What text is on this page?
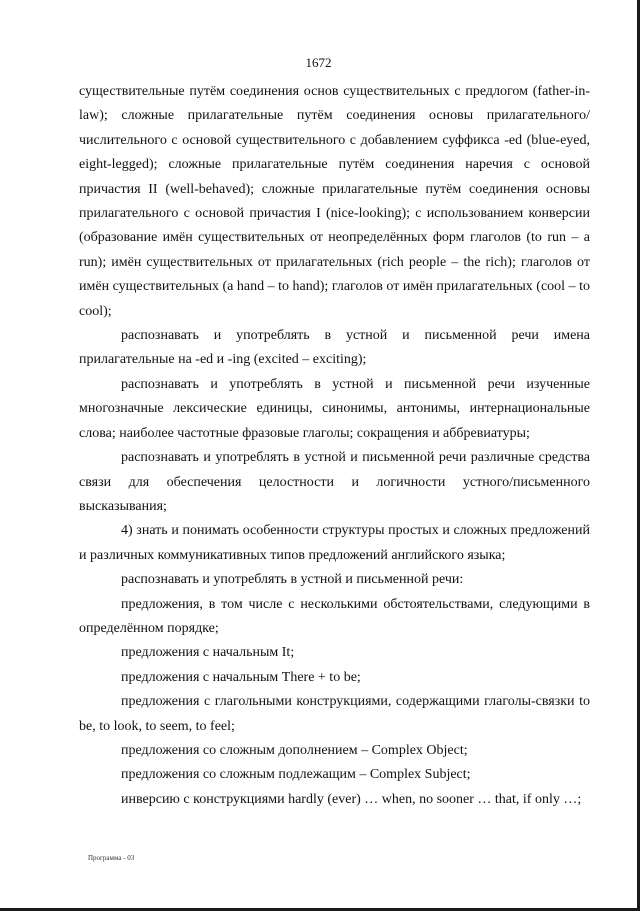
1672

существительные путём соединения основ существительных с предлогом (father-in-law); сложные прилагательные путём соединения основы прилагательного/числительного с основой существительного с добавлением суффикса -ed (blue-eyed, eight-legged); сложные прилагательные путём соединения наречия с основой причастия II (well-behaved); сложные прилагательные путём соединения основы прилагательного с основой причастия I (nice-looking); с использованием конверсии (образование имён существительных от неопределённых форм глаголов (to run – a run); имён существительных от прилагательных (rich people – the rich); глаголов от имён существительных (a hand – to hand); глаголов от имён прилагательных (cool – to cool);

распознавать и употреблять в устной и письменной речи имена прилагательные на -ed и -ing (excited – exciting);

распознавать и употреблять в устной и письменной речи изученные многозначные лексические единицы, синонимы, антонимы, интернациональные слова; наиболее частотные фразовые глаголы; сокращения и аббревиатуры;

распознавать и употреблять в устной и письменной речи различные средства связи для обеспечения целостности и логичности устного/письменного высказывания;

4) знать и понимать особенности структуры простых и сложных предложений и различных коммуникативных типов предложений английского языка;

распознавать и употреблять в устной и письменной речи:

предложения, в том числе с несколькими обстоятельствами, следующими в определённом порядке;

предложения с начальным It;

предложения с начальным There + to be;

предложения с глагольными конструкциями, содержащими глаголы-связки to be, to look, to seem, to feel;

предложения со сложным дополнением – Complex Object;

предложения со сложным подлежащим – Complex Subject;

инверсию с конструкциями hardly (ever) … when, no sooner … that, if only …;

Программа - 03
